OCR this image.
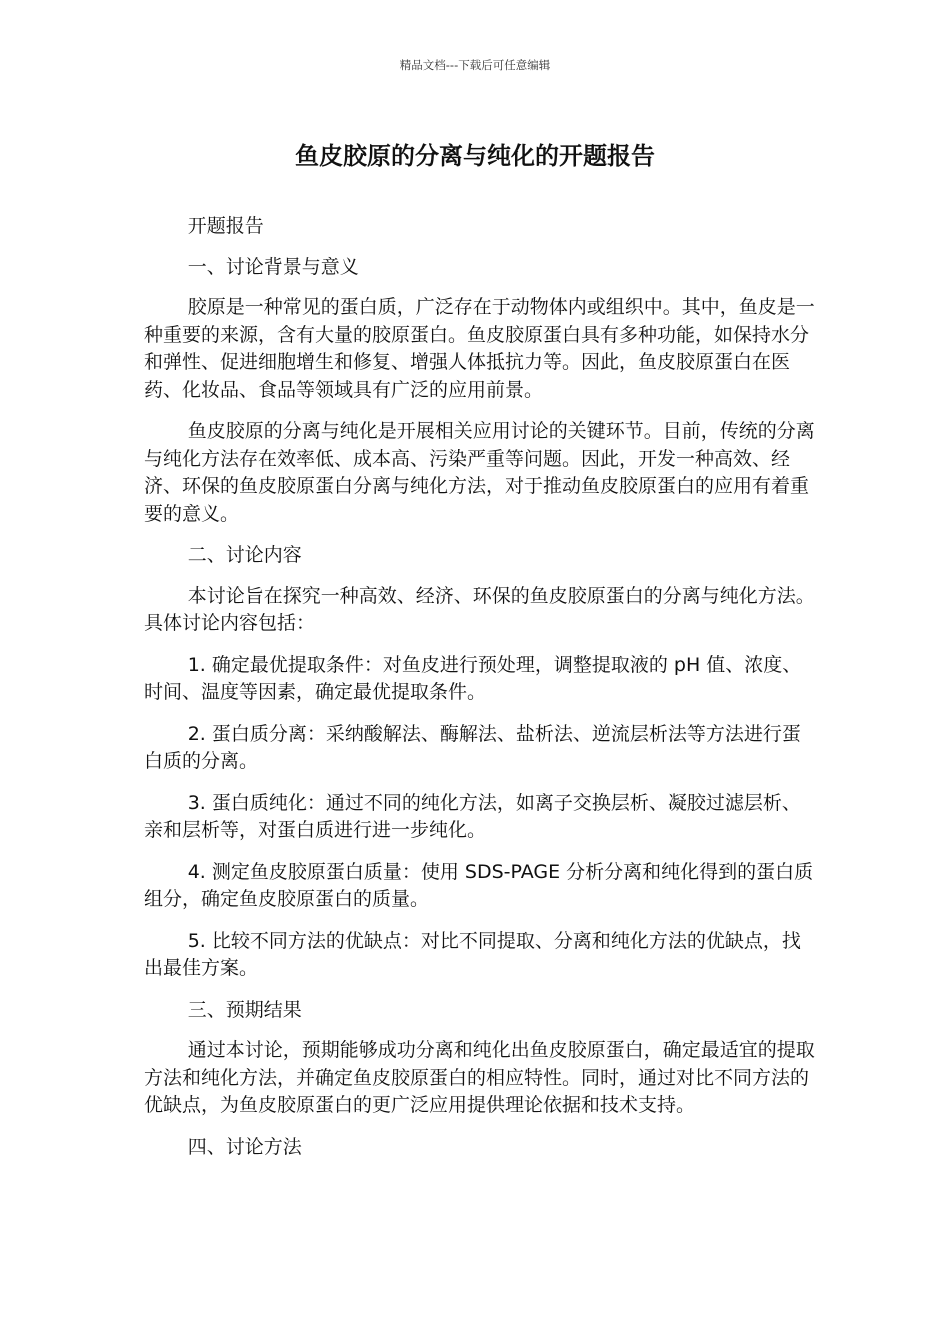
精品文档---下载后可任意编辑
鱼皮胶原的分离与纯化的开题报告

开题报告

一、讨论背景与意义

胶原是一种常见的蛋白质，广泛存在于动物体内或组织中。其中，鱼皮是一种重要的来源，含有大量的胶原蛋白。鱼皮胶原蛋白具有多种功能，如保持水分和弹性、促进细胞增生和修复、增强人体抵抗力等。因此，鱼皮胶原蛋白在医药、化妆品、食品等领域具有广泛的应用前景。

鱼皮胶原的分离与纯化是开展相关应用讨论的关键环节。目前，传统的分离与纯化方法存在效率低、成本高、污染严重等问题。因此，开发一种高效、经济、环保的鱼皮胶原蛋白分离与纯化方法，对于推动鱼皮胶原蛋白的应用有着重要的意义。

二、讨论内容

本讨论旨在探究一种高效、经济、环保的鱼皮胶原蛋白的分离与纯化方法。具体讨论内容包括：

1. 确定最优提取条件：对鱼皮进行预处理，调整提取液的 pH 值、浓度、时间、温度等因素，确定最优提取条件。

2. 蛋白质分离：采纳酸解法、酶解法、盐析法、逆流层析法等方法进行蛋白质的分离。

3. 蛋白质纯化：通过不同的纯化方法，如离子交换层析、凝胶过滤层析、亲和层析等，对蛋白质进行进一步纯化。

4. 测定鱼皮胶原蛋白质量：使用 SDS-PAGE 分析分离和纯化得到的蛋白质组分，确定鱼皮胶原蛋白的质量。

5. 比较不同方法的优缺点：对比不同提取、分离和纯化方法的优缺点，找出最佳方案。

三、预期结果

通过本讨论，预期能够成功分离和纯化出鱼皮胶原蛋白，确定最适宜的提取方法和纯化方法，并确定鱼皮胶原蛋白的相应特性。同时，通过对比不同方法的优缺点，为鱼皮胶原蛋白的更广泛应用提供理论依据和技术支持。

四、讨论方法
